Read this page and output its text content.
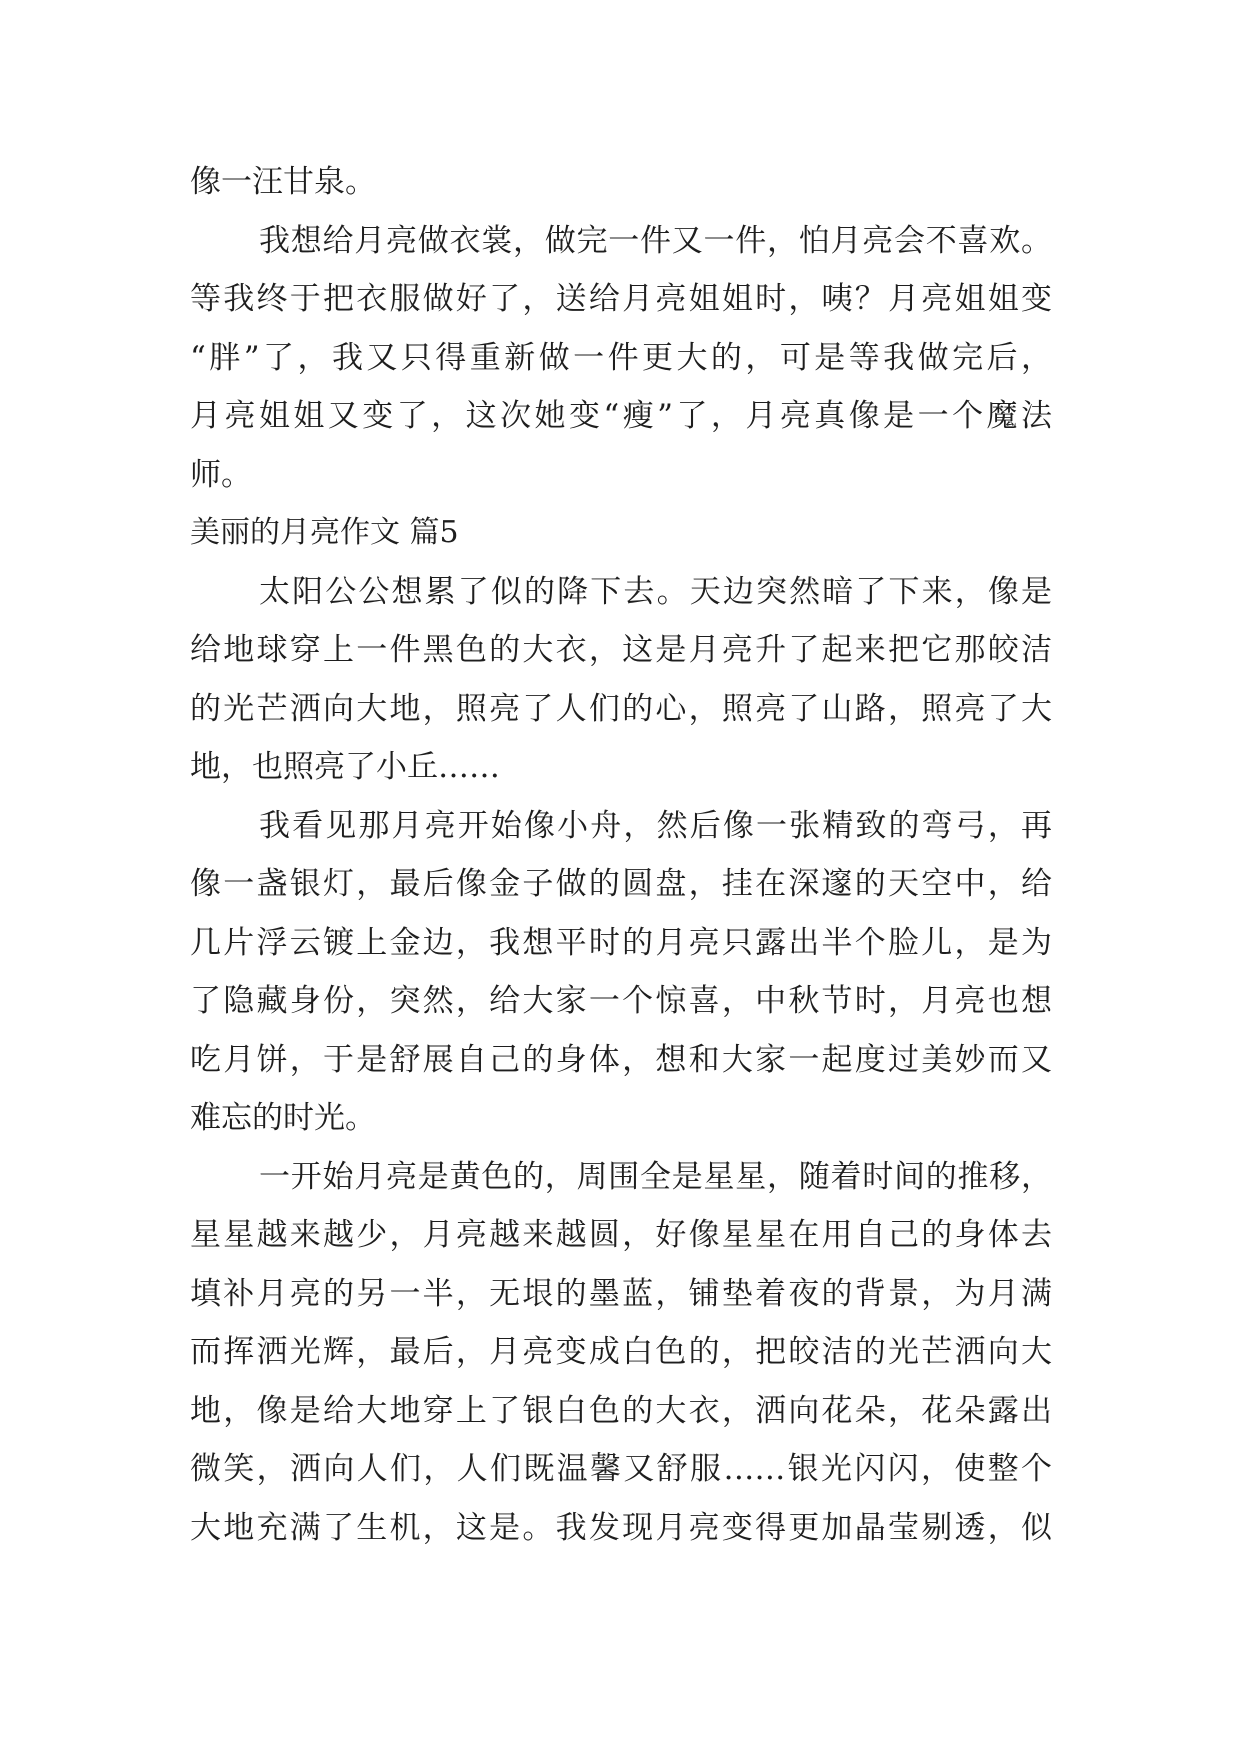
像一汪甘泉。
我想给月亮做衣裳，做完一件又一件，怕月亮会不喜欢。
等我终于把衣服做好了，送给月亮姐姐时，咦？月亮姐姐变
“胖”了，我又只得重新做一件更大的，可是等我做完后，
月亮姐姐又变了，这次她变“瘦”了，月亮真像是一个魔法
师。
美丽的月亮作文 篇5
太阳公公想累了似的降下去。天边突然暗了下来，像是
给地球穿上一件黑色的大衣，这是月亮升了起来把它那皎洁
的光芒洒向大地，照亮了人们的心，照亮了山路，照亮了大
地，也照亮了小丘……
我看见那月亮开始像小舟，然后像一张精致的弯弓，再
像一盏银灯，最后像金子做的圆盘，挂在深邃的天空中，给
几片浮云镀上金边，我想平时的月亮只露出半个脸儿，是为
了隐藏身份，突然，给大家一个惊喜，中秋节时，月亮也想
吃月饼，于是舒展自己的身体，想和大家一起度过美妙而又
难忘的时光。
一开始月亮是黄色的，周围全是星星，随着时间的推移，
星星越来越少，月亮越来越圆，好像星星在用自己的身体去
填补月亮的另一半，无垠的墨蓝，铺垫着夜的背景，为月满
而挥洒光辉，最后，月亮变成白色的，把皎洁的光芒洒向大
地，像是给大地穿上了银白色的大衣，洒向花朵，花朵露出
微笑，洒向人们，人们既温馨又舒服……银光闪闪，使整个
大地充满了生机，这是。我发现月亮变得更加晶莹剔透，似
